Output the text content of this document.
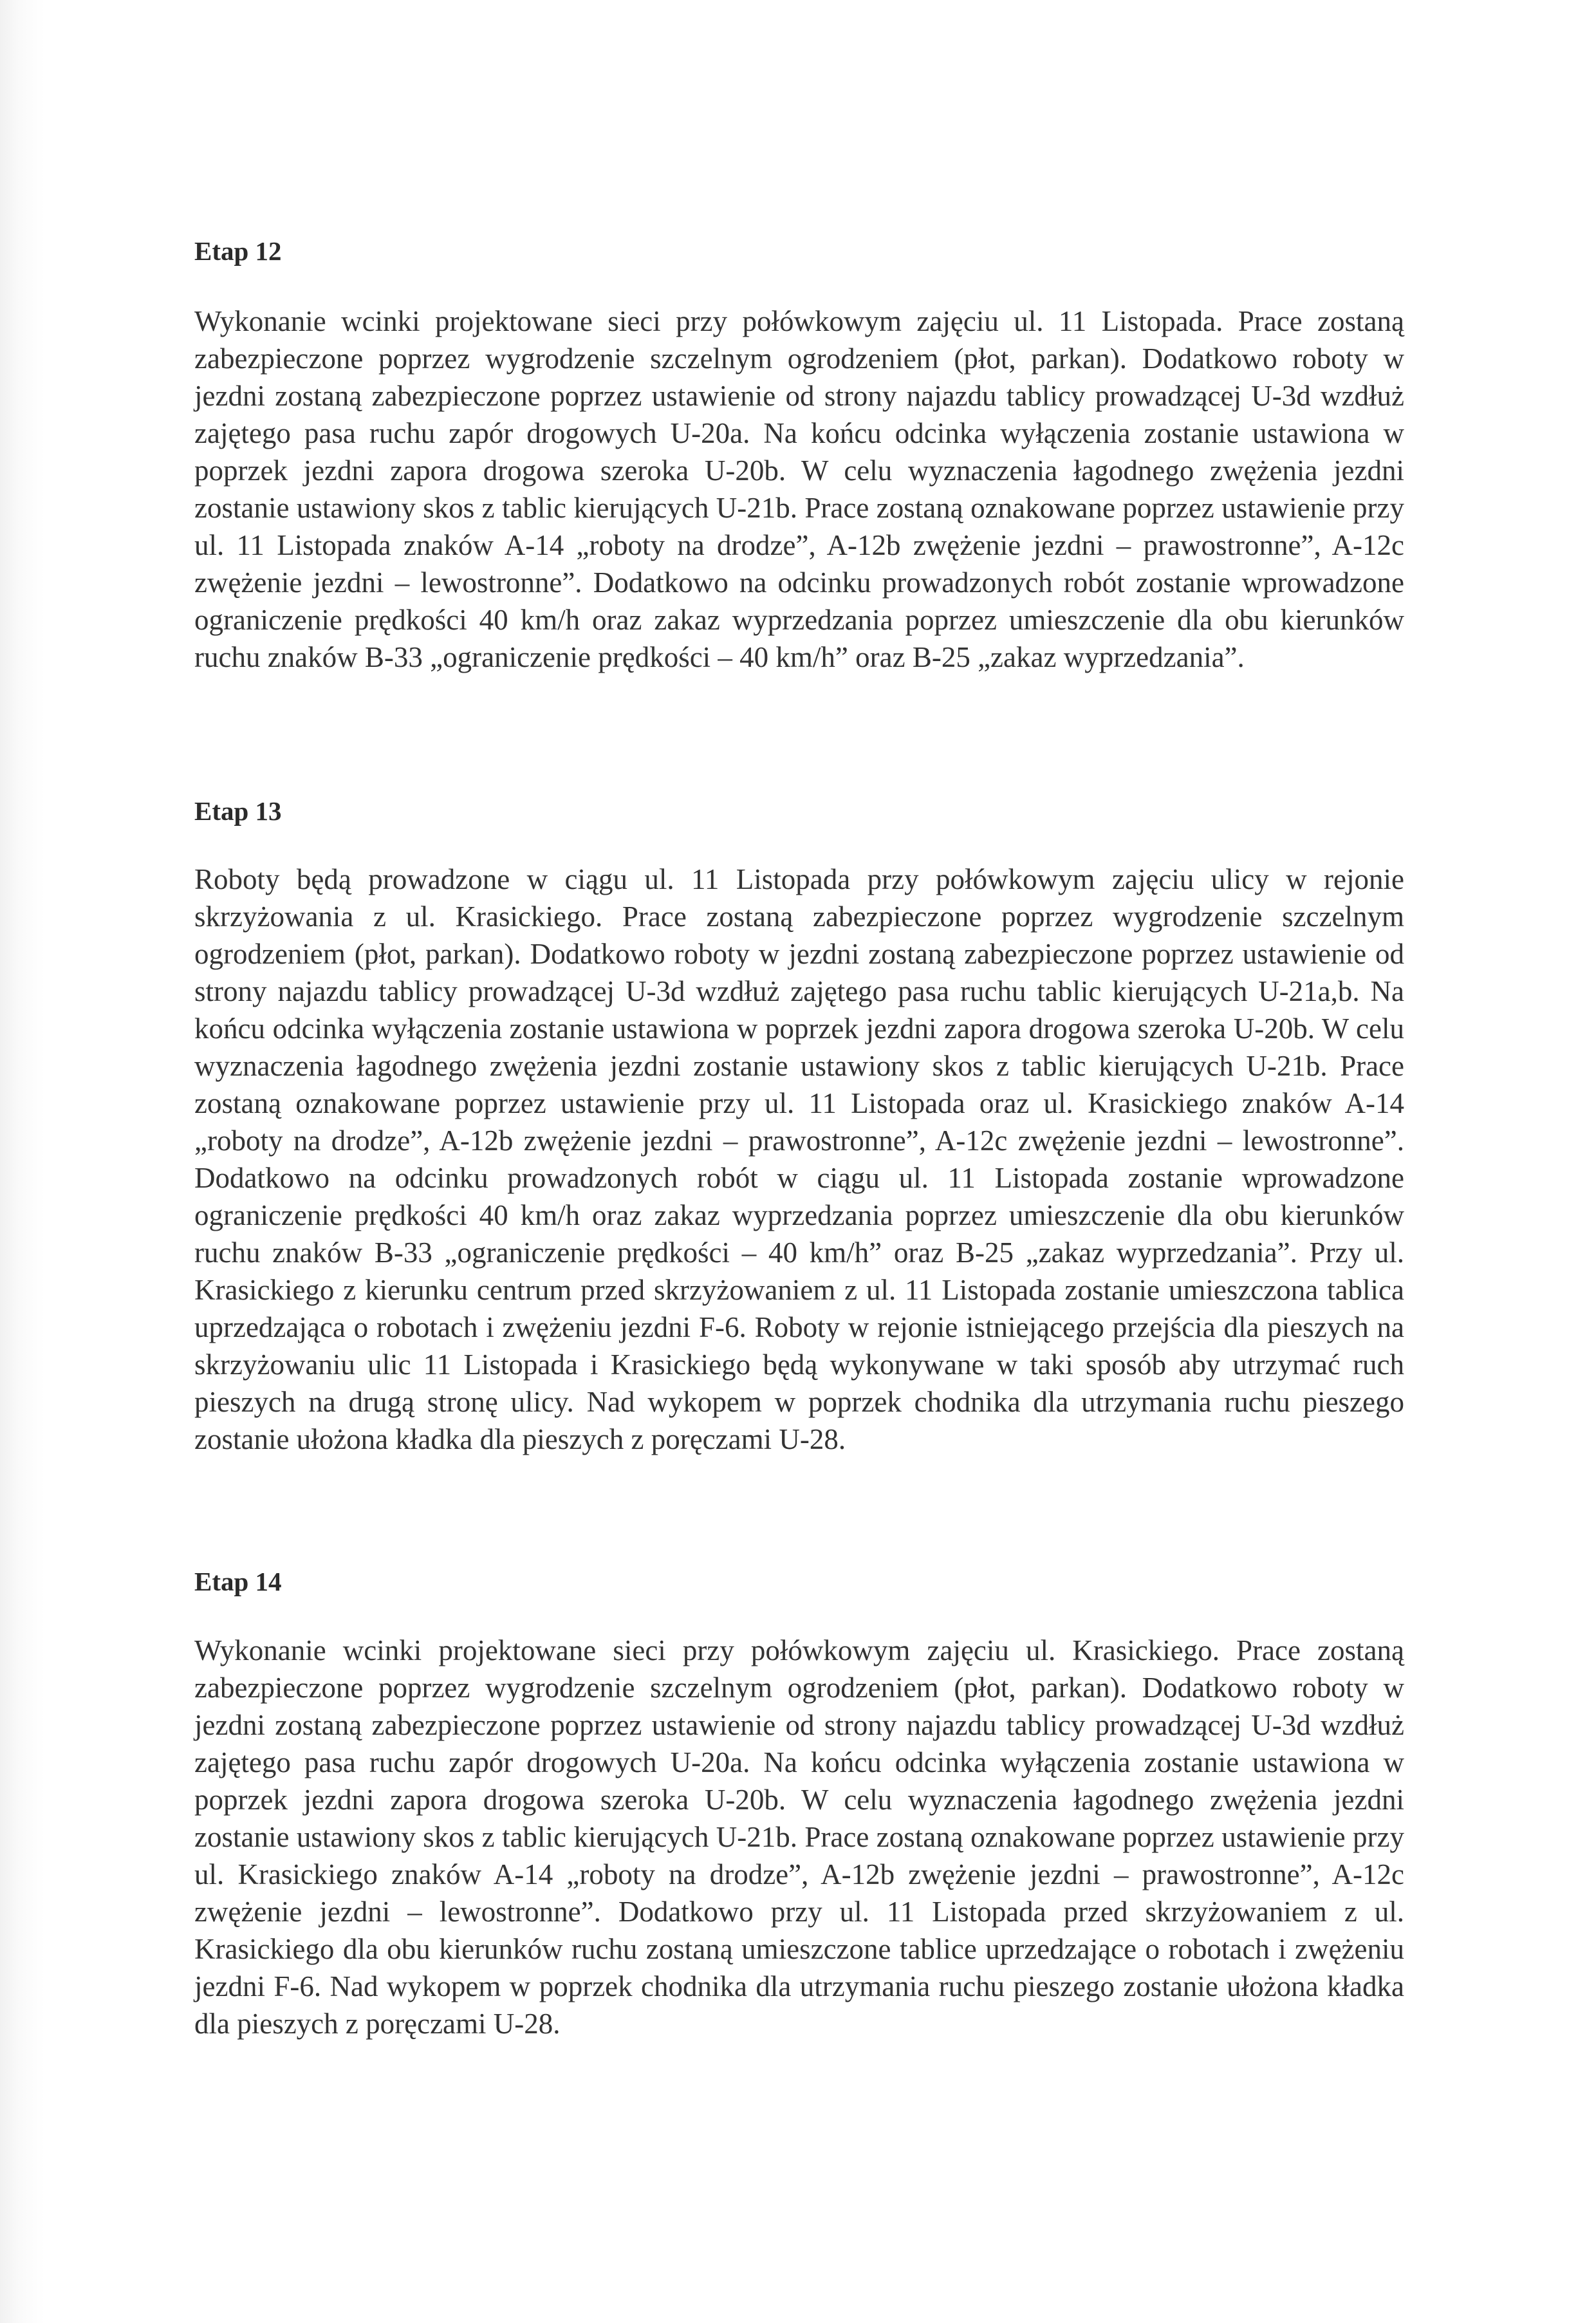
Etap 12

Wykonanie wcinki projektowane sieci przy połówkowym zajęciu ul. 11 Listopada. Prace zostaną zabezpieczone poprzez wygrodzenie szczelnym ogrodzeniem (płot, parkan). Dodatkowo roboty w jezdni zostaną zabezpieczone poprzez ustawienie od strony najazdu tablicy prowadzącej U-3d wzdłuż zajętego pasa ruchu zapór drogowych U-20a. Na końcu odcinka wyłączenia zostanie ustawiona w poprzek jezdni zapora drogowa szeroka U-20b. W celu wyznaczenia łagodnego zwężenia jezdni zostanie ustawiony skos z tablic kierujących U-21b. Prace zostaną oznakowane poprzez ustawienie przy ul. 11 Listopada znaków A-14 „roboty na drodze”, A-12b zwężenie jezdni – prawostronne”, A-12c zwężenie jezdni – lewostronne”. Dodatkowo na odcinku prowadzonych robót zostanie wprowadzone ograniczenie prędkości 40 km/h oraz zakaz wyprzedzania poprzez umieszczenie dla obu kierunków ruchu znaków B-33 „ograniczenie prędkości – 40 km/h” oraz B-25 „zakaz wyprzedzania”.

Etap 13

Roboty będą prowadzone w ciągu ul. 11 Listopada przy połówkowym zajęciu ulicy w rejonie skrzyżowania z ul. Krasickiego. Prace zostaną zabezpieczone poprzez wygrodzenie szczelnym ogrodzeniem (płot, parkan). Dodatkowo roboty w jezdni zostaną zabezpieczone poprzez ustawienie od strony najazdu tablicy prowadzącej U-3d wzdłuż zajętego pasa ruchu tablic kierujących U-21a,b. Na końcu odcinka wyłączenia zostanie ustawiona w poprzek jezdni zapora drogowa szeroka U-20b. W celu wyznaczenia łagodnego zwężenia jezdni zostanie ustawiony skos z tablic kierujących U-21b. Prace zostaną oznakowane poprzez ustawienie przy ul. 11 Listopada oraz ul. Krasickiego znaków A-14 „roboty na drodze”, A-12b zwężenie jezdni – prawostronne”, A-12c zwężenie jezdni – lewostronne”. Dodatkowo na odcinku prowadzonych robót w ciągu ul. 11 Listopada zostanie wprowadzone ograniczenie prędkości 40 km/h oraz zakaz wyprzedzania poprzez umieszczenie dla obu kierunków ruchu znaków B-33 „ograniczenie prędkości – 40 km/h” oraz B-25 „zakaz wyprzedzania”. Przy ul. Krasickiego z kierunku centrum przed skrzyżowaniem z ul. 11 Listopada zostanie umieszczona tablica uprzedzająca o robotach i zwężeniu jezdni F-6. Roboty w rejonie istniejącego przejścia dla pieszych na skrzyżowaniu ulic 11 Listopada i Krasickiego będą wykonywane w taki sposób aby utrzymać ruch pieszych na drugą stronę ulicy. Nad wykopem w poprzek chodnika dla utrzymania ruchu pieszego zostanie ułożona kładka dla pieszych z poręczami U-28.

Etap 14

Wykonanie wcinki projektowane sieci przy połówkowym zajęciu ul. Krasickiego. Prace zostaną zabezpieczone poprzez wygrodzenie szczelnym ogrodzeniem (płot, parkan). Dodatkowo roboty w jezdni zostaną zabezpieczone poprzez ustawienie od strony najazdu tablicy prowadzącej U-3d wzdłuż zajętego pasa ruchu zapór drogowych U-20a. Na końcu odcinka wyłączenia zostanie ustawiona w poprzek jezdni zapora drogowa szeroka U-20b. W celu wyznaczenia łagodnego zwężenia jezdni zostanie ustawiony skos z tablic kierujących U-21b. Prace zostaną oznakowane poprzez ustawienie przy ul. Krasickiego znaków A-14 „roboty na drodze”, A-12b zwężenie jezdni – prawostronne”, A-12c zwężenie jezdni – lewostronne”. Dodatkowo przy ul. 11 Listopada przed skrzyżowaniem z ul. Krasickiego dla obu kierunków ruchu zostaną umieszczone tablice uprzedzające o robotach i zwężeniu jezdni F-6. Nad wykopem w poprzek chodnika dla utrzymania ruchu pieszego zostanie ułożona kładka dla pieszych z poręczami U-28.
